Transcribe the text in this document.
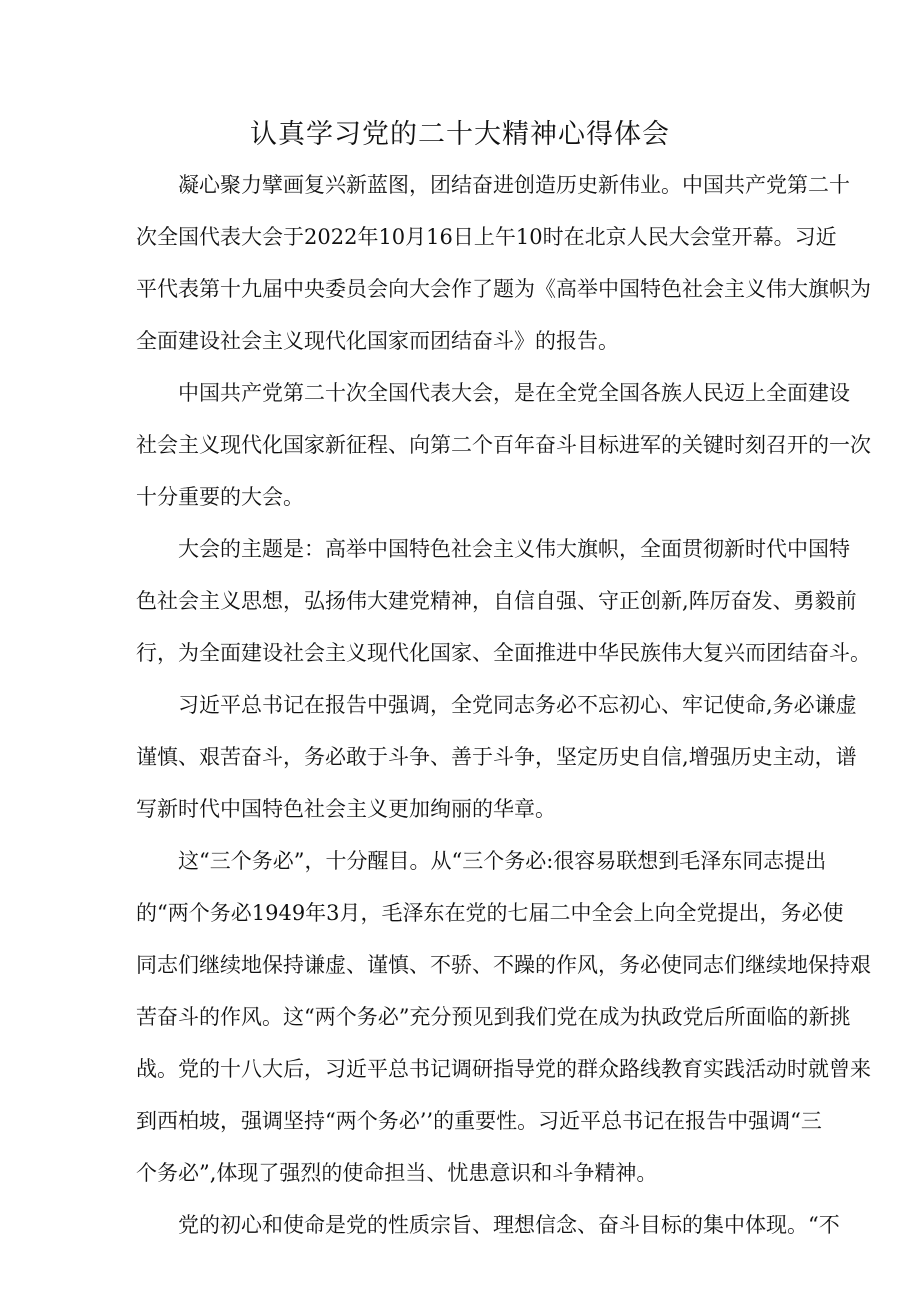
认真学习党的二十大精神心得体会
凝心聚力擘画复兴新蓝图，团结奋进创造历史新伟业。中国共产党第二十
次全国代表大会于2022年10月16日上午10时在北京人民大会堂开幕。习近
平代表第十九届中央委员会向大会作了题为《高举中国特色社会主义伟大旗帜为
全面建设社会主义现代化国家而团结奋斗》的报告。
中国共产党第二十次全国代表大会，是在全党全国各族人民迈上全面建设
社会主义现代化国家新征程、向第二个百年奋斗目标进军的关键时刻召开的一次
十分重要的大会。
大会的主题是：高举中国特色社会主义伟大旗帜，全面贯彻新时代中国特
色社会主义思想，弘扬伟大建党精神，自信自强、守正创新,阵厉奋发、勇毅前
行，为全面建设社会主义现代化国家、全面推进中华民族伟大复兴而团结奋斗。
习近平总书记在报告中强调，全党同志务必不忘初心、牢记使命,务必谦虚
谨慎、艰苦奋斗，务必敢于斗争、善于斗争，坚定历史自信,增强历史主动，谱
写新时代中国特色社会主义更加绚丽的华章。
这“三个务必”，十分醒目。从“三个务必:很容易联想到毛泽东同志提出
的“两个务必1949年3月，毛泽东在党的七届二中全会上向全党提出，务必使
同志们继续地保持谦虚、谨慎、不骄、不躁的作风，务必使同志们继续地保持艰
苦奋斗的作风。这“两个务必”充分预见到我们党在成为执政党后所面临的新挑
战。党的十八大后，习近平总书记调研指导党的群众路线教育实践活动时就曾来
到西柏坡，强调坚持“两个务必’’的重要性。习近平总书记在报告中强调“三
个务必”,体现了强烈的使命担当、忧患意识和斗争精神。
党的初心和使命是党的性质宗旨、理想信念、奋斗目标的集中体现。“不
